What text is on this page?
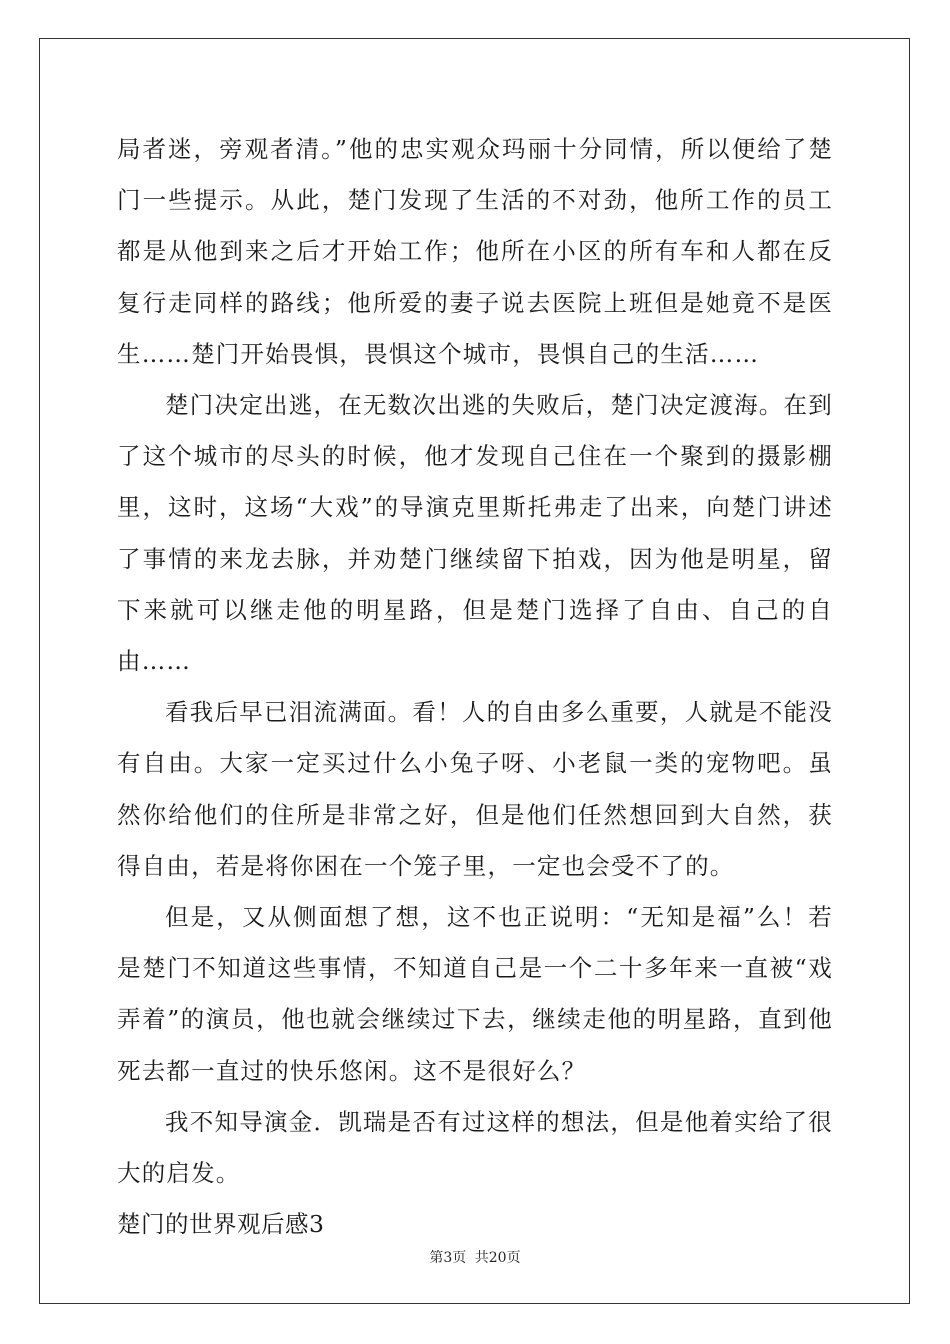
局者迷，旁观者清。”他的忠实观众玛丽十分同情，所以便给了楚门一些提示。从此，楚门发现了生活的不对劲，他所工作的员工都是从他到来之后才开始工作；他所在小区的所有车和人都在反复行走同样的路线；他所爱的妻子说去医院上班但是她竟不是医生……楚门开始畏惧，畏惧这个城市，畏惧自己的生活……

楚门决定出逃，在无数次出逃的失败后，楚门决定渡海。在到了这个城市的尽头的时候，他才发现自己住在一个聚到的摄影棚里，这时，这场“大戏”的导演克里斯托弗走了出来，向楚门讲述了事情的来龙去脉，并劝楚门继续留下拍戏，因为他是明星，留下来就可以继走他的明星路，但是楚门选择了自由、自己的自由……

看我后早已泪流满面。看！人的自由多么重要，人就是不能没有自由。大家一定买过什么小兔子呀、小老鼠一类的宠物吧。虽然你给他们的住所是非常之好，但是他们任然想回到大自然，获得自由，若是将你困在一个笼子里，一定也会受不了的。

但是，又从侧面想了想，这不也正说明：“无知是福”么！若是楚门不知道这些事情，不知道自己是一个二十多年来一直被“戏弄着”的演员，他也就会继续过下去，继续走他的明星路，直到他死去都一直过的快乐悠闲。这不是很好么？

我不知导演金．凯瑞是否有过这样的想法，但是他着实给了很大的启发。

楚门的世界观后感3

第3页 共20页
